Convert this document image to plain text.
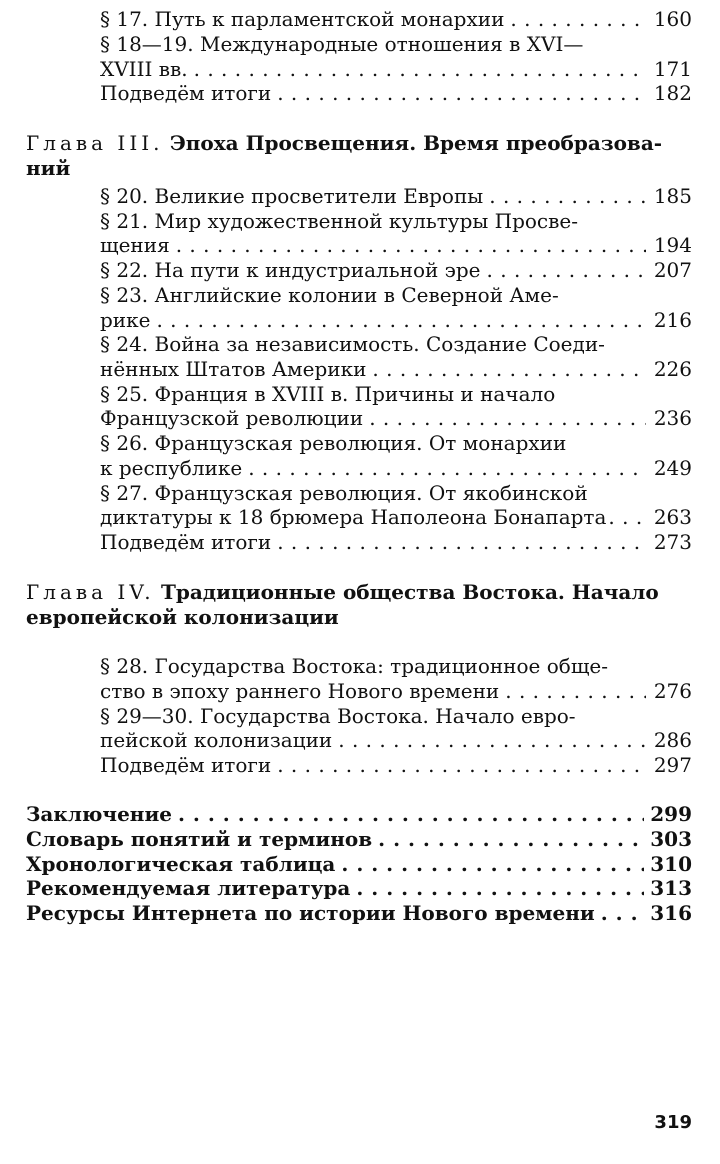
§ 17. Путь к парламентской монархии . . .	160
§ 18—19. Международные отношения в XVI—
XVIII вв. . . .	171
Подведём итоги . . .	182
Глава III. Эпоха Просвещения. Время преобразова-
ний
§ 20. Великие просветители Европы . . .	185
§ 21. Мир художественной культуры Просве-
щения . . .	194
§ 22. На пути к индустриальной эре . . .	207
§ 23. Английские колонии в Северной Аме-
рике . . .	216
§ 24. Война за независимость. Создание Соеди-
нённых Штатов Америки . . .	226
§ 25. Франция в XVIII в. Причины и начало
Французской революции . . .	236
§ 26. Французская революция. От монархии
к республике . . .	249
§ 27. Французская революция. От якобинской
диктатуры к 18 брюмера Наполеона Бонапарта . . . 263
Подведём итоги . . .	273
Глава IV. Традиционные общества Востока. Начало
европейской колонизации
§ 28. Государства Востока: традиционное обще-
ство в эпоху раннего Нового времени . . .	276
§ 29—30. Государства Востока. Начало евро-
пейской колонизации . . .	286
Подведём итоги . . .	297
Заключение . . .	299
Словарь понятий и терминов . . .	303
Хронологическая таблица . . .	310
Рекомендуемая литература . . .	313
Ресурсы Интернета по истории Нового времени . . .	316
319
